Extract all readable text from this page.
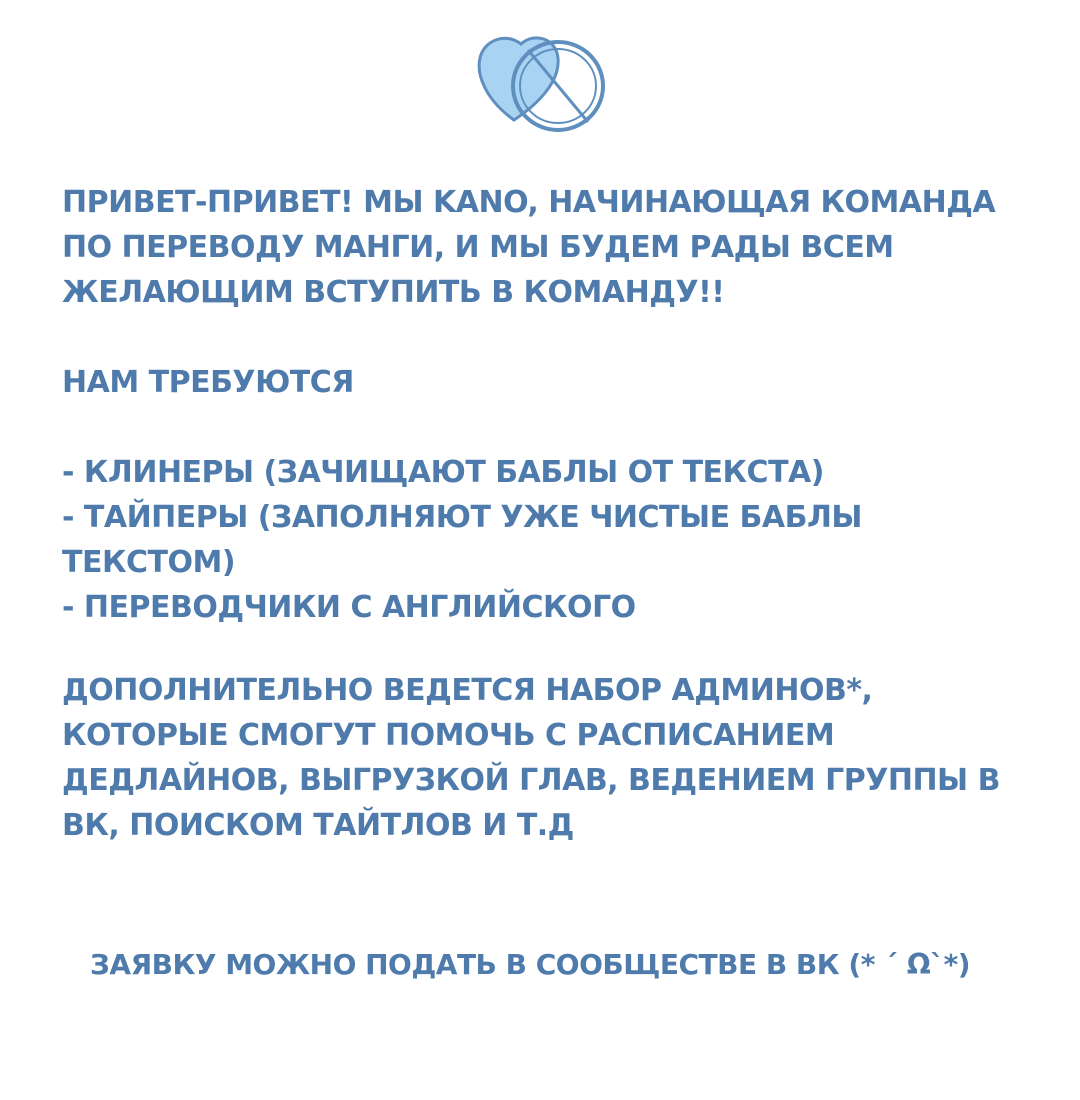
ПРИВЕТ-ПРИВЕТ! МЫ KANO, НАЧИНАЮЩАЯ КОМАНДА
ПО ПЕРЕВОДУ МАНГИ, И МЫ БУДЕМ РАДЫ ВСЕМ
ЖЕЛАЮЩИМ ВСТУПИТЬ В КОМАНДУ!!
НАМ ТРЕБУЮТСЯ
- КЛИНЕРЫ (ЗАЧИЩАЮТ БАБЛЫ ОТ ТЕКСТА)
- ТАЙПЕРЫ (ЗАПОЛНЯЮТ УЖЕ ЧИСТЫЕ БАБЛЫ
ТЕКСТОМ)
- ПЕРЕВОДЧИКИ С АНГЛИЙСКОГО
ДОПОЛНИТЕЛЬНО ВЕДЕТСЯ НАБОР АДМИНОВ*,
КОТОРЫЕ СМОГУТ ПОМОЧЬ С РАСПИСАНИЕМ
ДЕДЛАЙНОВ, ВЫГРУЗКОЙ ГЛАВ, ВЕДЕНИЕМ ГРУППЫ В
ВК, ПОИСКОМ ТАЙТЛОВ И Т.Д
ЗАЯВКУ МОЖНО ПОДАТЬ В СООБЩЕСТВЕ В ВК (* ´ Ω`*)
